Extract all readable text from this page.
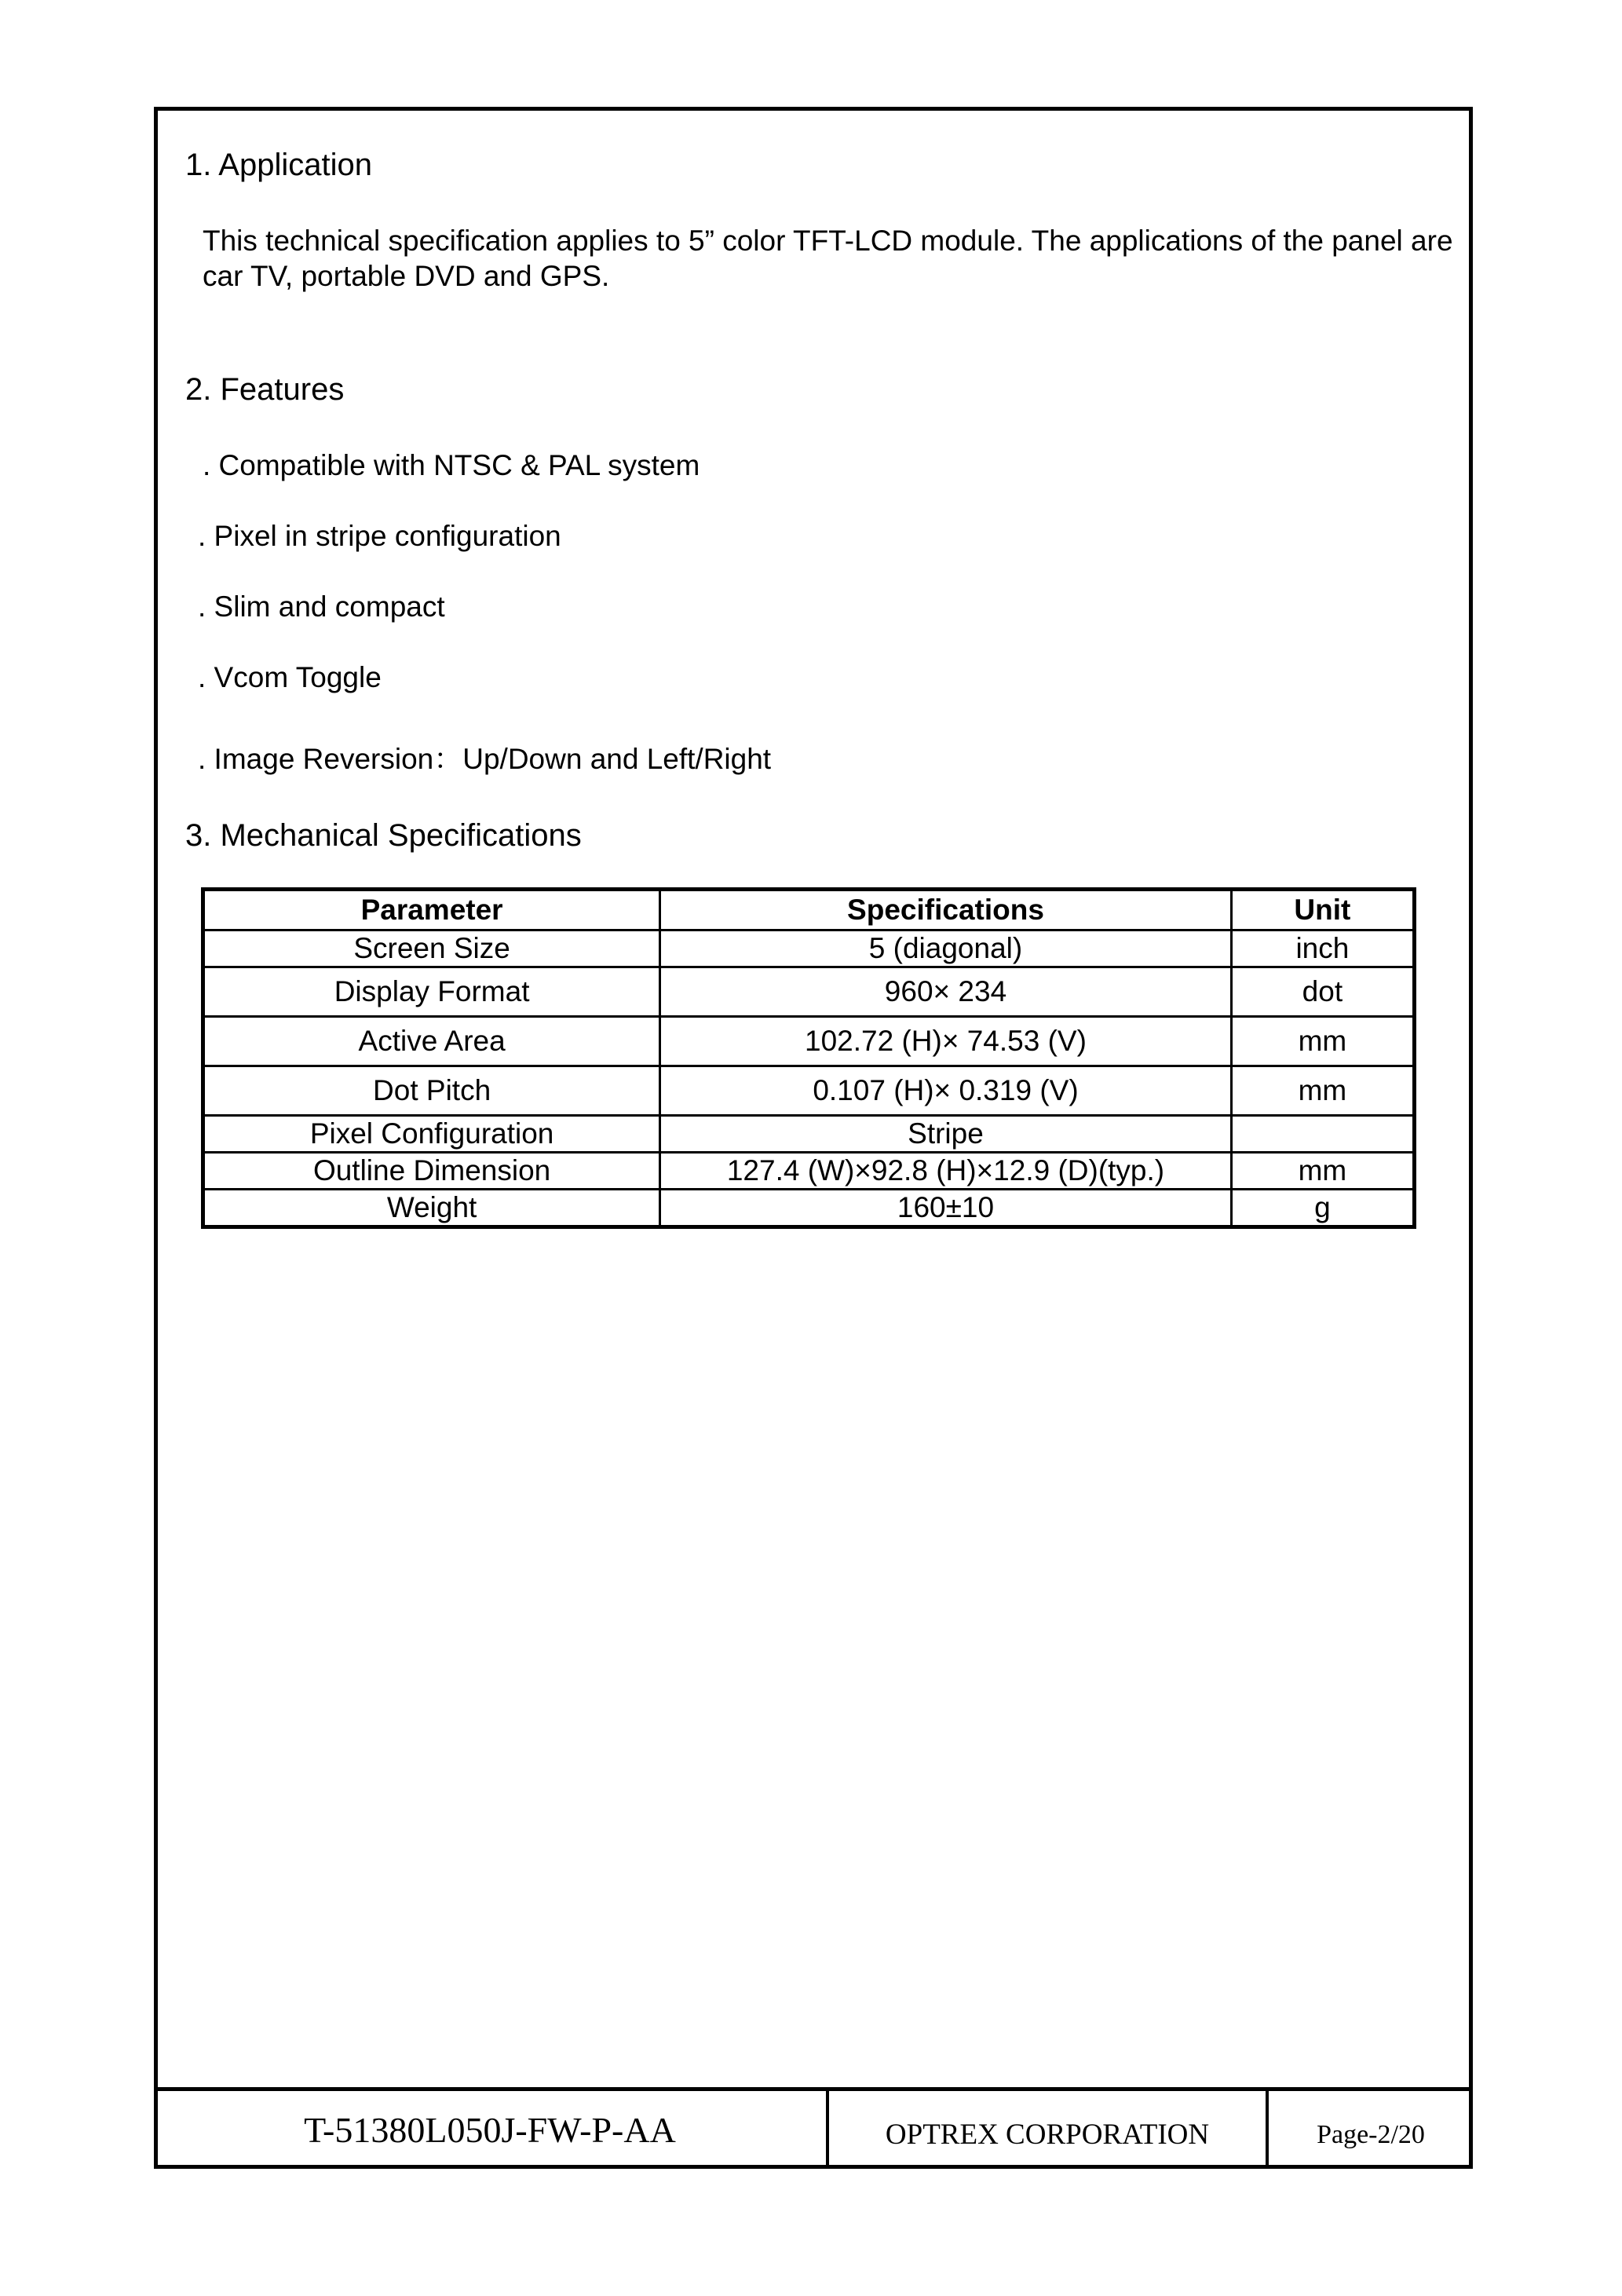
1. Application
This technical specification applies to 5” color TFT-LCD module. The applications of the panel are car TV, portable DVD and GPS.
2. Features
. Compatible with NTSC & PAL system
. Pixel in stripe configuration
. Slim and compact
. Vcom Toggle
. Image Reversion：Up/Down and Left/Right
3. Mechanical Specifications
Parameter	Specifications	Unit
Screen Size	5 (diagonal)	inch
Display Format	960× 234	dot
Active Area	102.72 (H)× 74.53 (V)	mm
Dot Pitch	0.107 (H)× 0.319 (V)	mm
Pixel Configuration	Stripe	
Outline Dimension	127.4 (W)×92.8 (H)×12.9 (D)(typ.)	mm
Weight	160±10	g
T-51380L050J-FW-P-AA	OPTREX CORPORATION	Page-2/20
